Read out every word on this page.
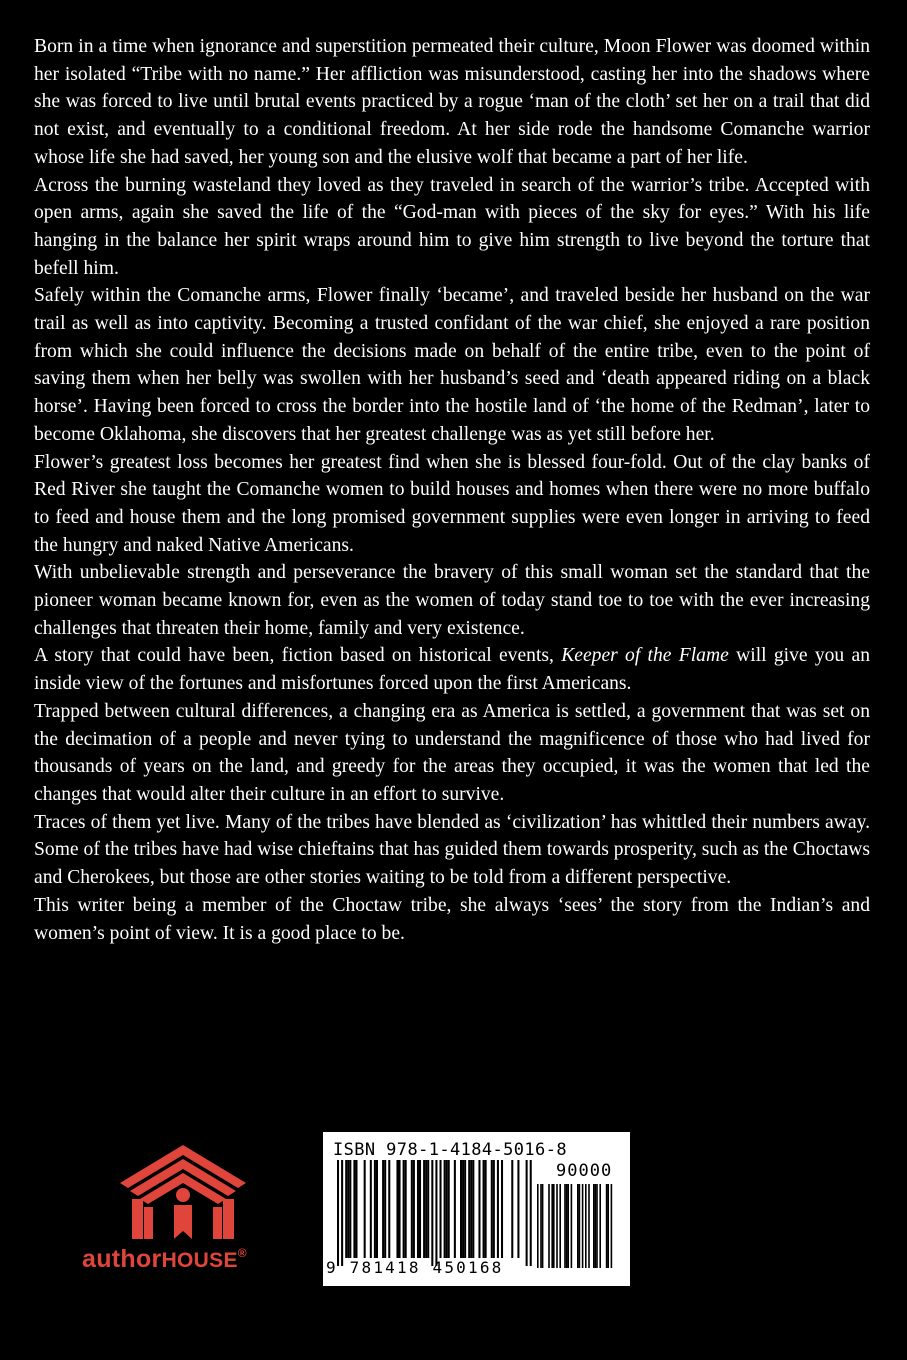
Born in a time when ignorance and superstition permeated their culture, Moon Flower was doomed within her isolated “Tribe with no name.” Her affliction was misunderstood, casting her into the shadows where she was forced to live until brutal events practiced by a rogue ‘man of the cloth’ set her on a trail that did not exist, and eventually to a conditional freedom. At her side rode the handsome Comanche warrior whose life she had saved, her young son and the elusive wolf that became a part of her life.

Across the burning wasteland they loved as they traveled in search of the warrior’s tribe. Accepted with open arms, again she saved the life of the “God-man with pieces of the sky for eyes.” With his life hanging in the balance her spirit wraps around him to give him strength to live beyond the torture that befell him.

Safely within the Comanche arms, Flower finally ‘became’, and traveled beside her husband on the war trail as well as into captivity. Becoming a trusted confidant of the war chief, she enjoyed a rare position from which she could influence the decisions made on behalf of the entire tribe, even to the point of saving them when her belly was swollen with her husband’s seed and ‘death appeared riding on a black horse’. Having been forced to cross the border into the hostile land of ‘the home of the Redman’, later to become Oklahoma, she discovers that her greatest challenge was as yet still before her.

Flower’s greatest loss becomes her greatest find when she is blessed four-fold. Out of the clay banks of Red River she taught the Comanche women to build houses and homes when there were no more buffalo to feed and house them and the long promised government supplies were even longer in arriving to feed the hungry and naked Native Americans.

With unbelievable strength and perseverance the bravery of this small woman set the standard that the pioneer woman became known for, even as the women of today stand toe to toe with the ever increasing challenges that threaten their home, family and very existence.

A story that could have been, fiction based on historical events, Keeper of the Flame will give you an inside view of the fortunes and misfortunes forced upon the first Americans.

Trapped between cultural differences, a changing era as America is settled, a government that was set on the decimation of a people and never tying to understand the magnificence of those who had lived for thousands of years on the land, and greedy for the areas they occupied, it was the women that led the changes that would alter their culture in an effort to survive.

Traces of them yet live. Many of the tribes have blended as ‘civilization’ has whittled their numbers away. Some of the tribes have had wise chieftains that has guided them towards prosperity, such as the Choctaws and Cherokees, but those are other stories waiting to be told from a different perspective.

This writer being a member of the Choctaw tribe, she always ‘sees’ the story from the Indian’s and women’s point of view. It is a good place to be.

authorHOUSE®
ISBN 978-1-4184-5016-8
90000
9 781418 450168
